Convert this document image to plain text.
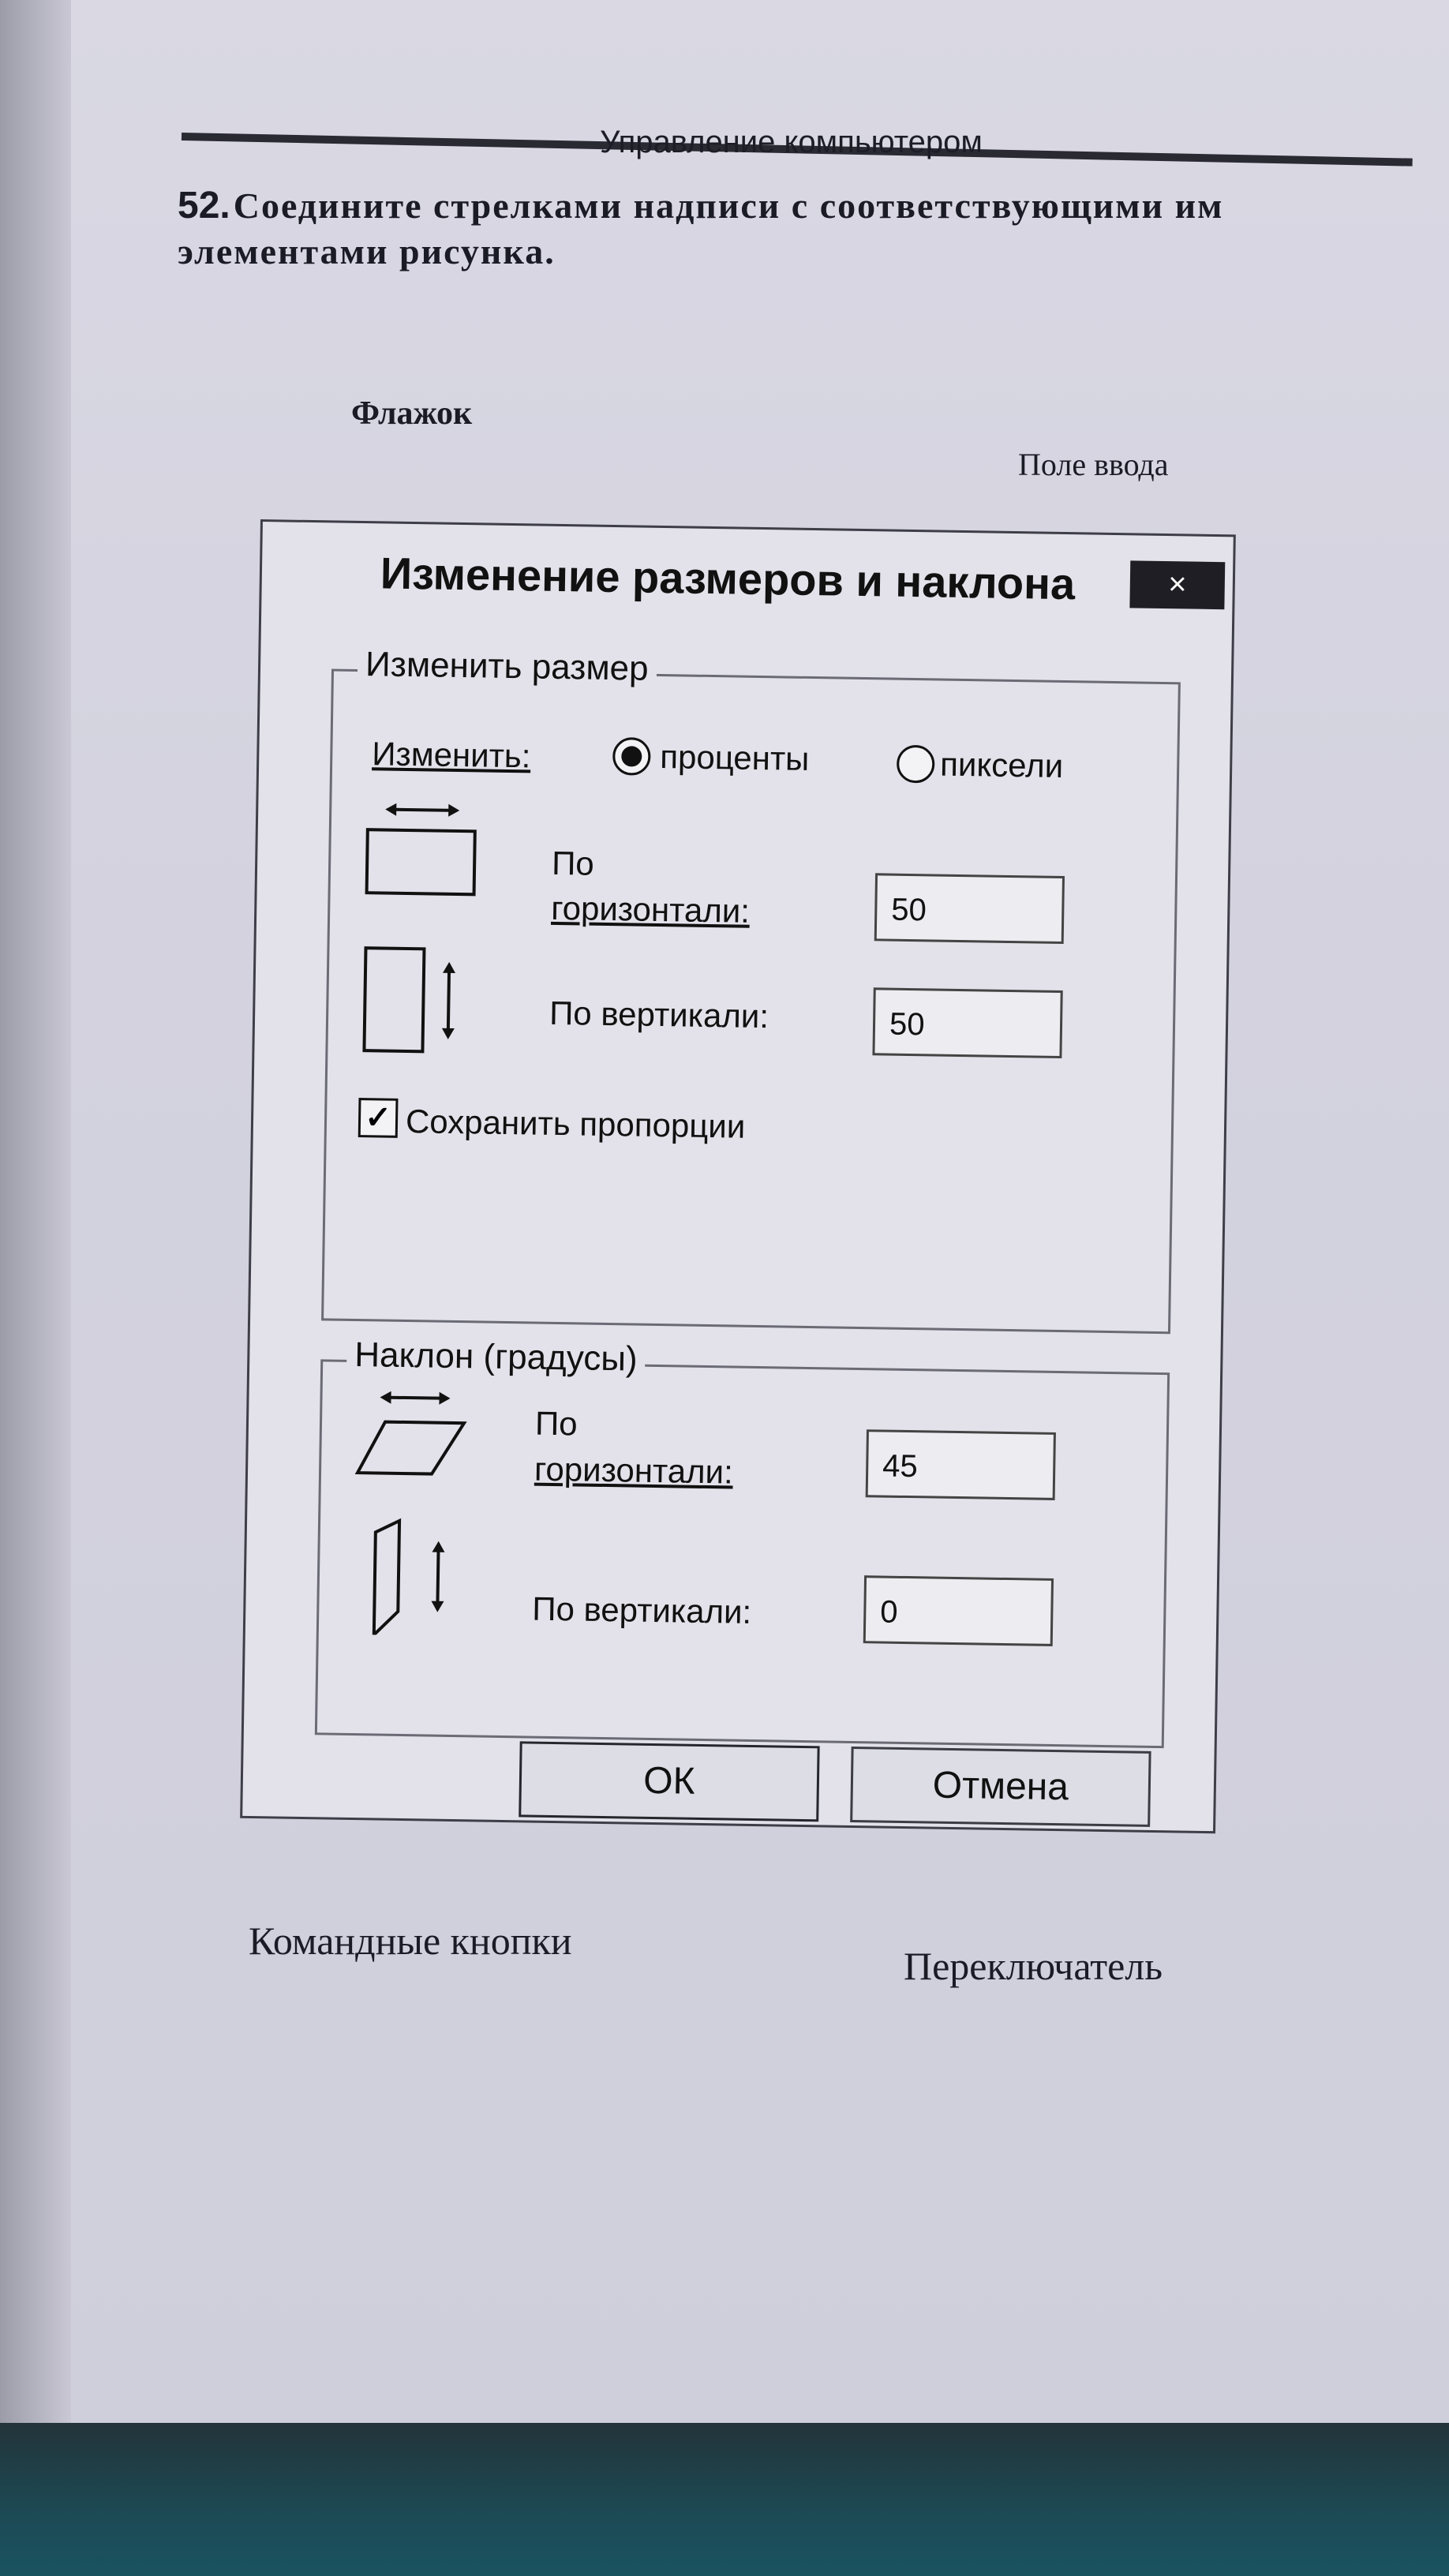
Управление компьютером
52. Соедините стрелками надписи с соответствующими им элементами рисунка.
Флажок
Поле ввода
Изменение размеров и наклона	×
Изменить размер
Изменить:	проценты	пиксели
По
горизонтали:	50
По вертикали:	50
✓ Сохранить пропорции
Наклон (градусы)
По
горизонтали:	45
По вертикали:	0
ОК	Отмена
Командные кнопки
Переключатель
